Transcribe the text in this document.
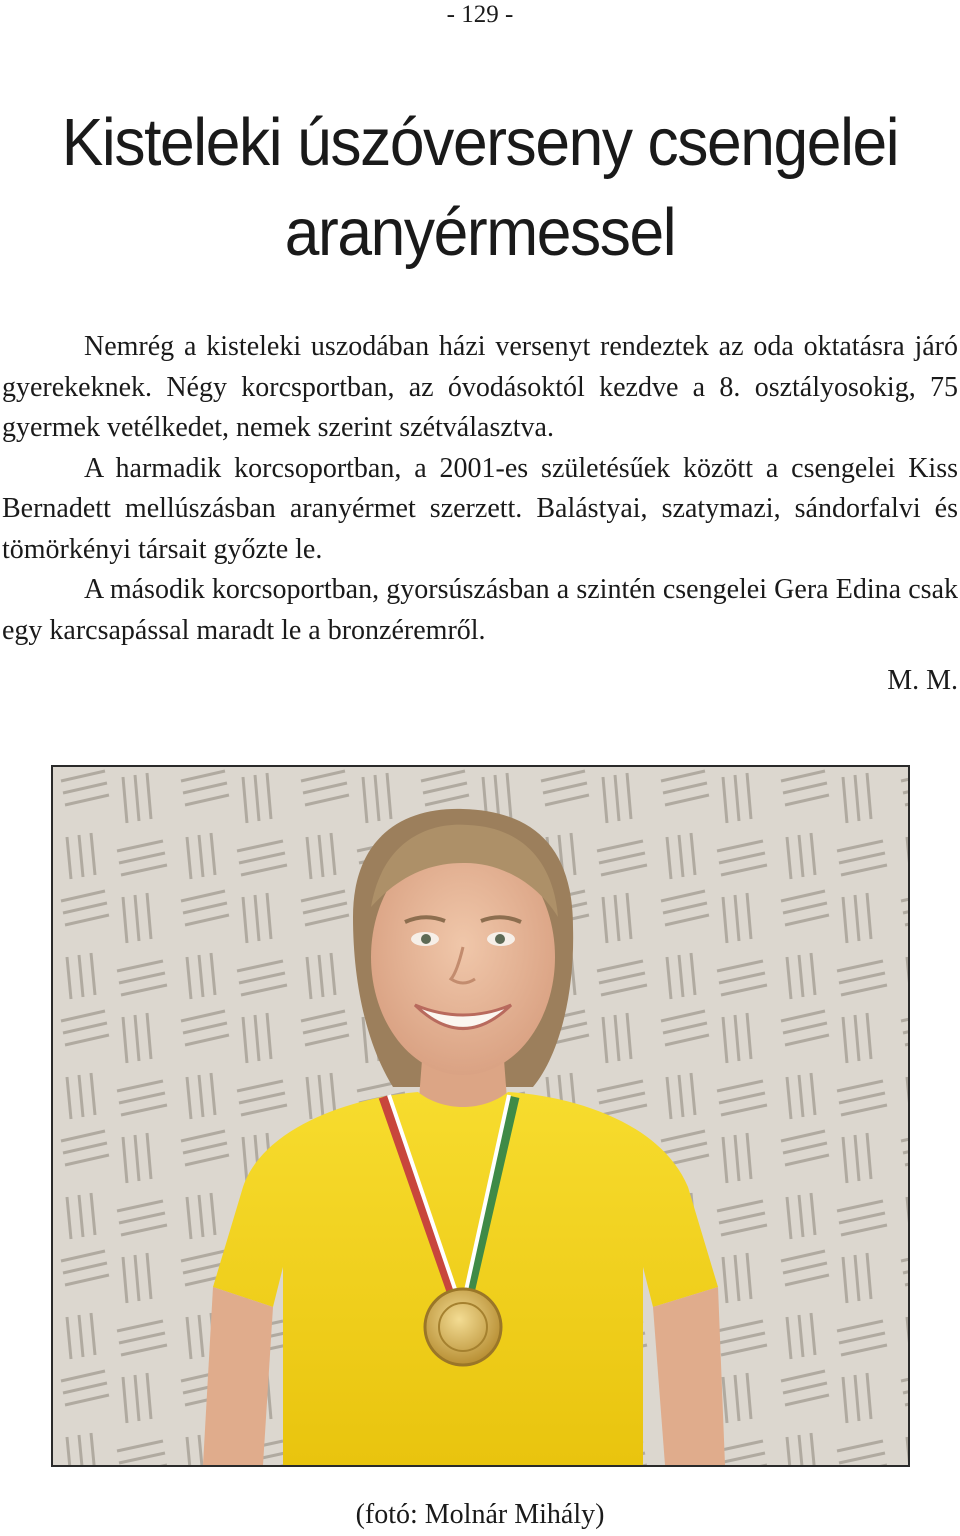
- 129 -
Kisteleki úszóverseny csengelei
aranyérmessel

Nemrég a kisteleki uszodában házi versenyt rendeztek az oda oktatásra járó gyerekeknek. Négy korcsportban, az óvodásoktól kezdve a 8. osztályosokig, 75 gyermek vetélkedet, nemek szerint szétválasztva.

A harmadik korcsoportban, a 2001-es születésűek között a csengelei Kiss Bernadett mellúszásban aranyérmet szerzett. Balástyai, szatymazi, sándorfalvi és tömörkényi társait győzte le.

A második korcsoportban, gyorsúszásban a szintén csengelei Gera Edina csak egy karcsapással maradt le a bronzéremről.

M. M.

(fotó: Molnár Mihály)
